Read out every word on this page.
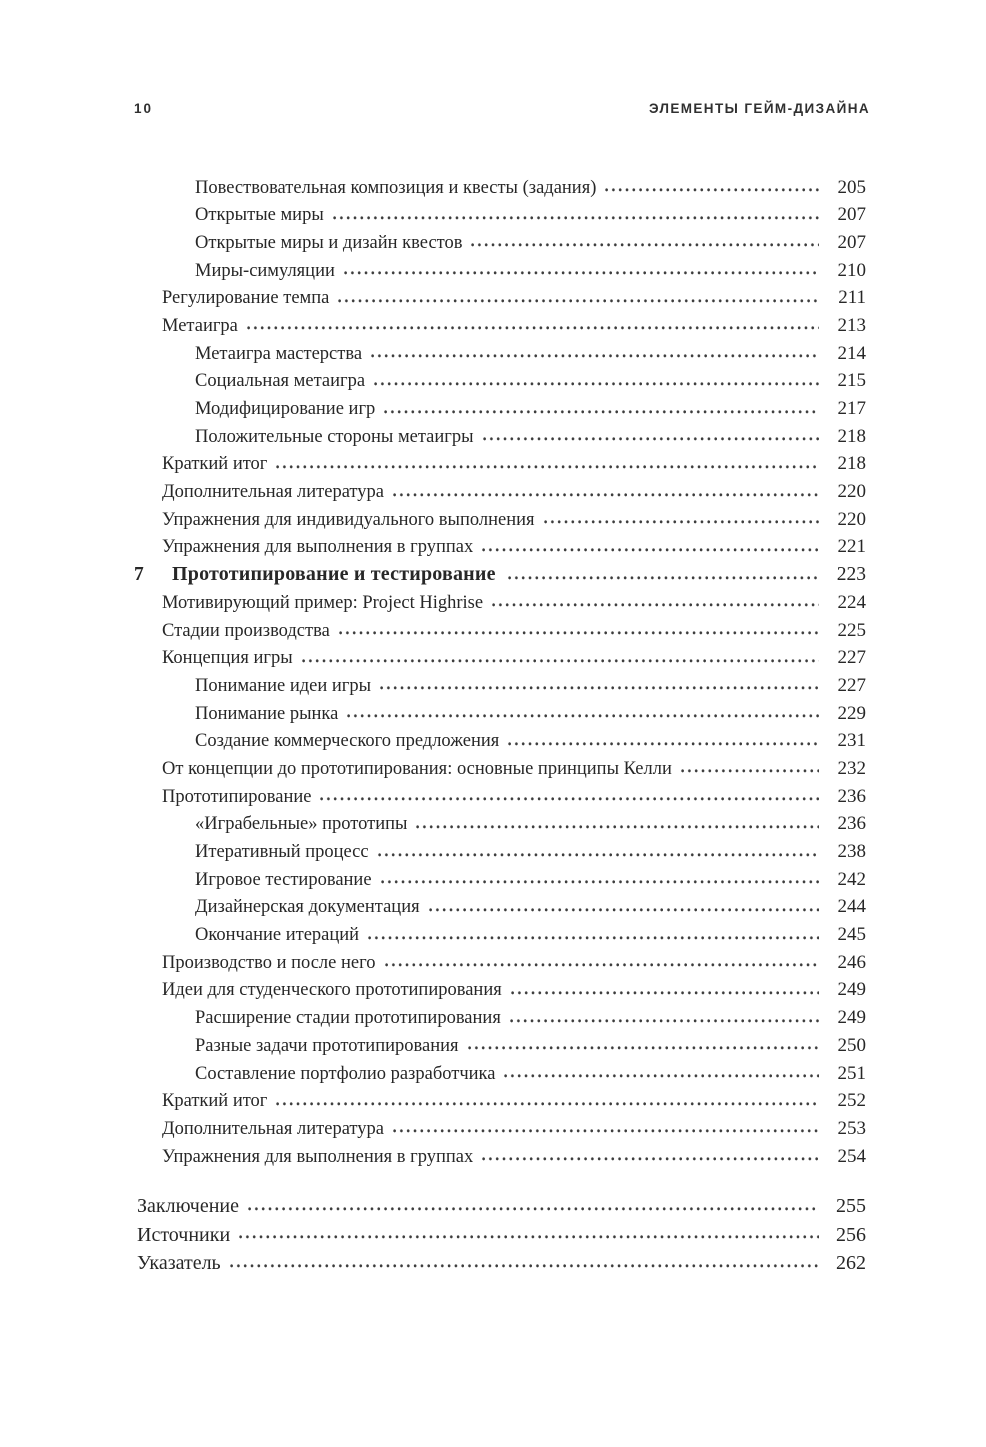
10	ЭЛЕМЕНТЫ ГЕЙМ-ДИЗАЙНА
Повествовательная композиция и квесты (задания)	205
Открытые миры	207
Открытые миры и дизайн квестов	207
Миры-симуляции	210
Регулирование темпа	211
Метаигра	213
Метаигра мастерства	214
Социальная метаигра	215
Модифицирование игр	217
Положительные стороны метаигры	218
Краткий итог	218
Дополнительная литература	220
Упражнения для индивидуального выполнения	220
Упражнения для выполнения в группах	221
7	Прототипирование и тестирование	223
Мотивирующий пример: Project Highrise	224
Стадии производства	225
Концепция игры	227
Понимание идеи игры	227
Понимание рынка	229
Создание коммерческого предложения	231
От концепции до прототипирования: основные принципы Келли	232
Прототипирование	236
«Играбельные» прототипы	236
Итеративный процесс	238
Игровое тестирование	242
Дизайнерская документация	244
Окончание итераций	245
Производство и после него	246
Идеи для студенческого прототипирования	249
Расширение стадии прототипирования	249
Разные задачи прототипирования	250
Составление портфолио разработчика	251
Краткий итог	252
Дополнительная литература	253
Упражнения для выполнения в группах	254
Заключение	255
Источники	256
Указатель	262
